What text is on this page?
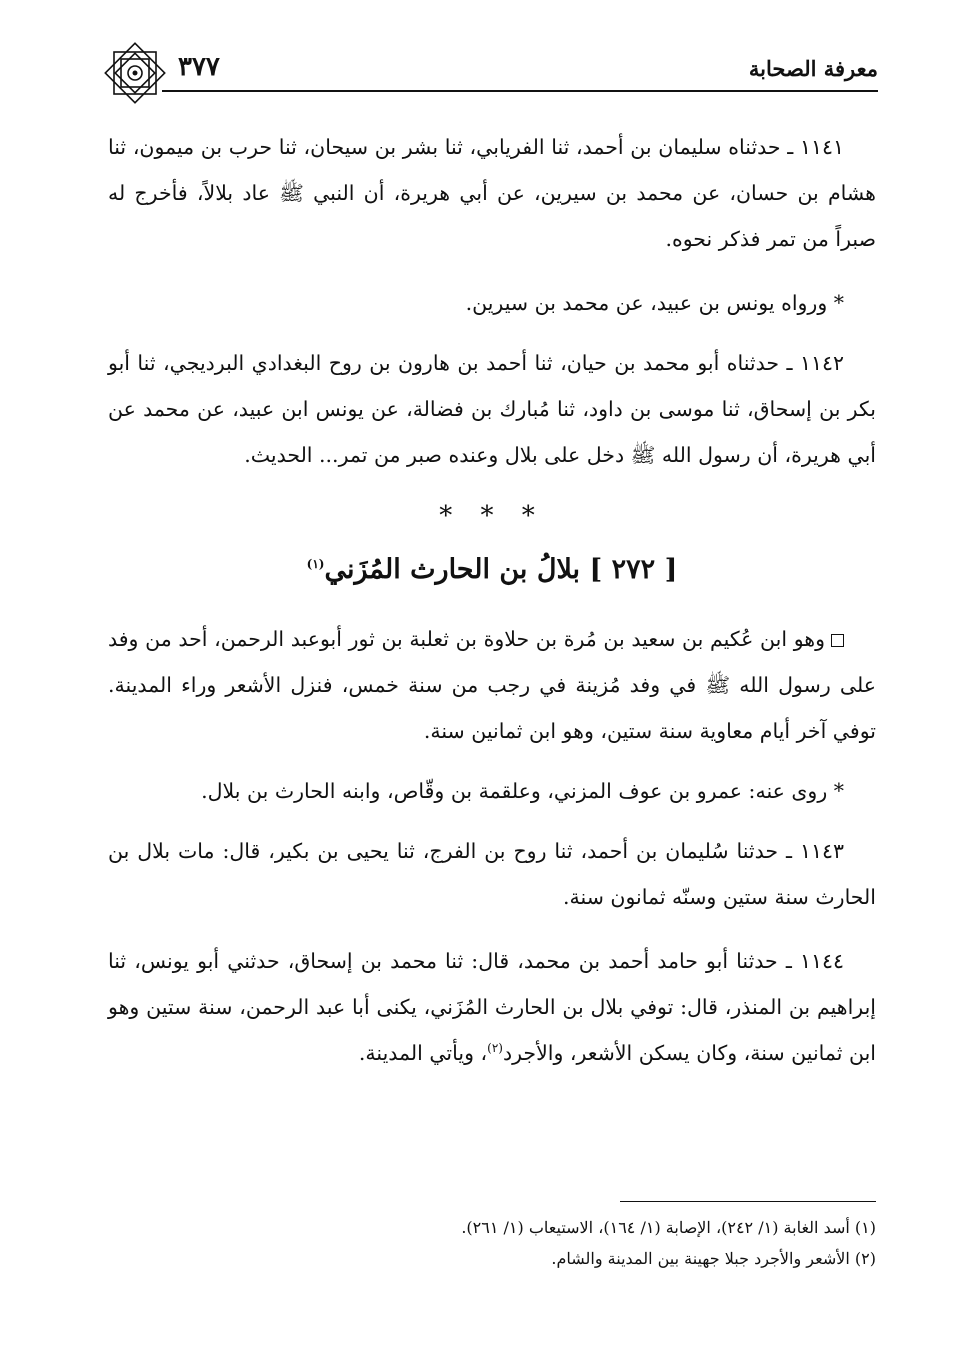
معرفة الصحابة
٣٧٧

١١٤١ ـ حدثناه سليمان بن أحمد، ثنا الفريابي، ثنا بشر بن سيحان، ثنا حرب بن ميمون، ثنا هشام بن حسان، عن محمد بن سيرين، عن أبي هريرة، أن النبي ﷺ عاد بلالاً، فأخرج له صبراً من تمر فذكر نحوه.

* ورواه يونس بن عبيد، عن محمد بن سيرين.

١١٤٢ ـ حدثناه أبو محمد بن حيان، ثنا أحمد بن هارون بن روح البغدادي البرديجي، ثنا أبو بكر بن إسحاق، ثنا موسى بن داود، ثنا مُبارك بن فضالة، عن يونس ابن عبيد، عن محمد عن أبي هريرة، أن رسول الله ﷺ دخل على بلال وعنده صبر من تمر... الحديث.

* * *
[ ٢٧٢ ] بلالُ بن الحارث المُزَني$^{(١)}$

وهو ابن عُكيم بن سعيد بن مُرة بن حلاوة بن ثعلبة بن ثور أبوعبد الرحمن، أحد من وفد على رسول الله ﷺ في وفد مُزينة في رجب من سنة خمس، فنزل الأشعر وراء المدينة. توفي آخر أيام معاوية سنة ستين، وهو ابن ثمانين سنة.

* روى عنه: عمرو بن عوف المزني، وعلقمة بن وقّاص، وابنه الحارث بن بلال.

١١٤٣ ـ حدثنا سُليمان بن أحمد، ثنا روح بن الفرج، ثنا يحيى بن بكير، قال: مات بلال بن الحارث سنة ستين وسنّه ثمانون سنة.

١١٤٤ ـ حدثنا أبو حامد أحمد بن محمد، قال: ثنا محمد بن إسحاق، حدثني أبو يونس، ثنا إبراهيم بن المنذر، قال: توفي بلال بن الحارث المُزَني، يكنى أبا عبد الرحمن، سنة ستين وهو ابن ثمانين سنة، وكان يسكن الأشعر، والأجرد$^{(٢)}$، ويأتي المدينة.

(١) أسد الغابة (١/ ٢٤٢)، الإصابة (١/ ١٦٤)، الاستيعاب (١/ ٢٦١).

(٢) الأشعر والأجرد جبلا جهينة بين المدينة والشام.
